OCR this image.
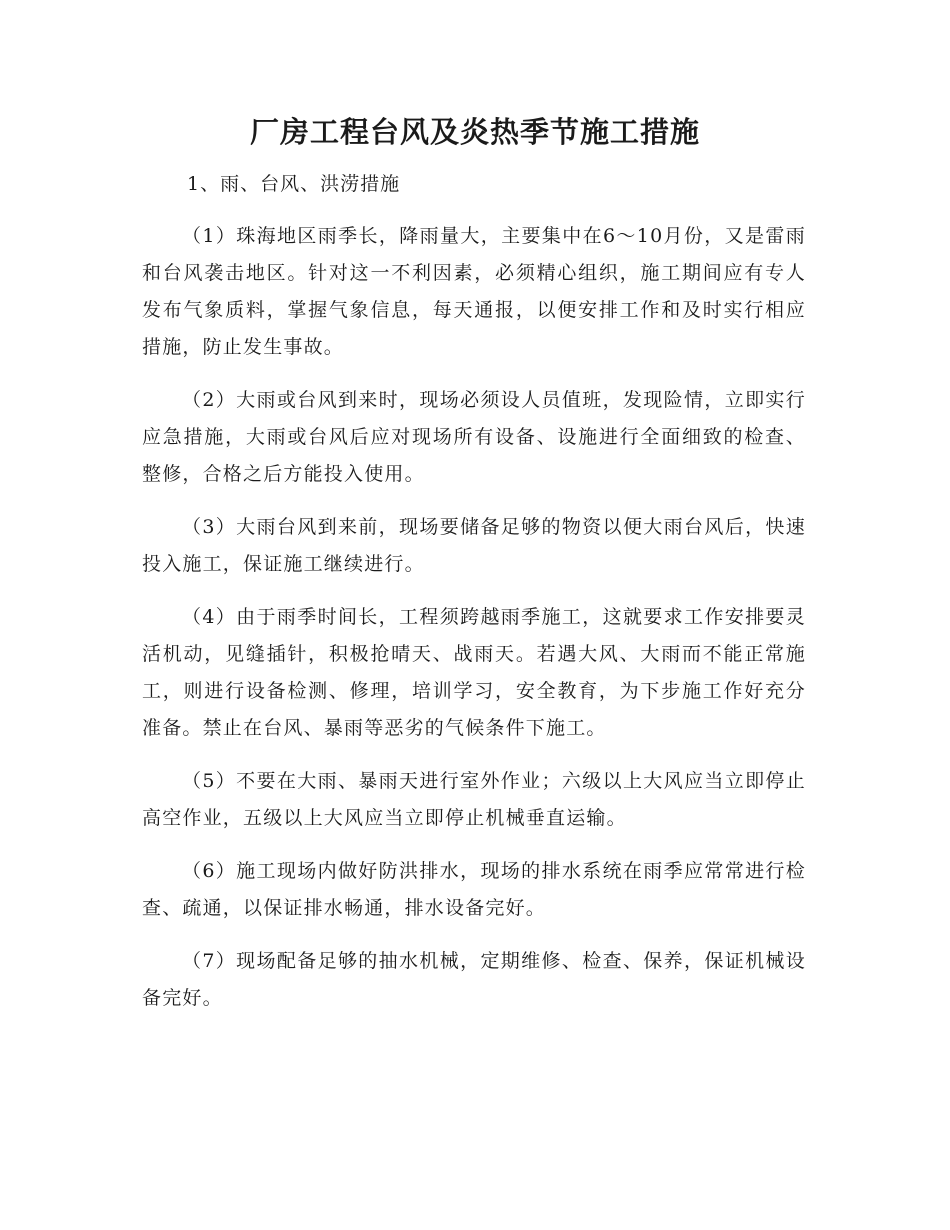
厂房工程台风及炎热季节施工措施

1、雨、台风、洪涝措施

（1）珠海地区雨季长，降雨量大，主要集中在6～10月份，又是雷雨和台风袭击地区。针对这一不利因素，必须精心组织，施工期间应有专人发布气象质料，掌握气象信息，每天通报，以便安排工作和及时实行相应措施，防止发生事故。

（2）大雨或台风到来时，现场必须设人员值班，发现险情，立即实行应急措施，大雨或台风后应对现场所有设备、设施进行全面细致的检查、整修，合格之后方能投入使用。

（3）大雨台风到来前，现场要储备足够的物资以便大雨台风后，快速投入施工，保证施工继续进行。

（4）由于雨季时间长，工程须跨越雨季施工，这就要求工作安排要灵活机动，见缝插针，积极抢晴天、战雨天。若遇大风、大雨而不能正常施工，则进行设备检测、修理，培训学习，安全教育，为下步施工作好充分准备。禁止在台风、暴雨等恶劣的气候条件下施工。

（5）不要在大雨、暴雨天进行室外作业；六级以上大风应当立即停止高空作业，五级以上大风应当立即停止机械垂直运输。

（6）施工现场内做好防洪排水，现场的排水系统在雨季应常常进行检查、疏通，以保证排水畅通，排水设备完好。

（7）现场配备足够的抽水机械，定期维修、检查、保养，保证机械设备完好。
